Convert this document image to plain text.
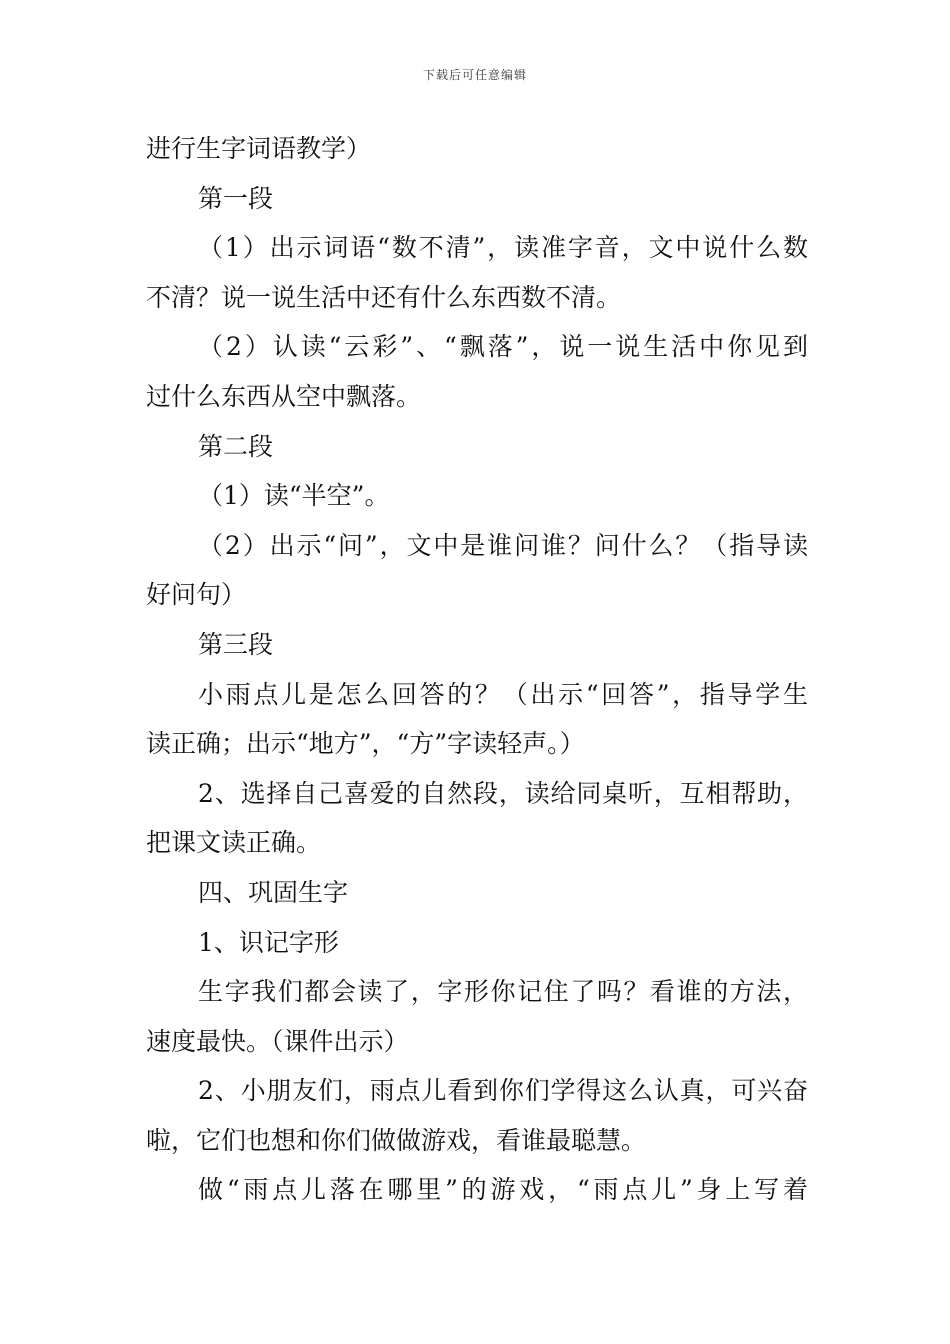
下载后可任意编辑
进行生字词语教学）
第一段
（1）出示词语“数不清”，读准字音，文中说什么数
不清？说一说生活中还有什么东西数不清。
（2）认读“云彩”、“飘落”，说一说生活中你见到
过什么东西从空中飘落。
第二段
（1）读“半空”。
（2）出示“问”，文中是谁问谁？问什么？（指导读
好问句）
第三段
小雨点儿是怎么回答的？（出示“回答”，指导学生
读正确；出示“地方”，“方”字读轻声。）
2、选择自己喜爱的自然段，读给同桌听，互相帮助，
把课文读正确。
四、巩固生字
1、识记字形
生字我们都会读了，字形你记住了吗？看谁的方法，
速度最快。（课件出示）
2、小朋友们，雨点儿看到你们学得这么认真，可兴奋
啦，它们也想和你们做做游戏，看谁最聪慧。
做“雨点儿落在哪里”的游戏，“雨点儿”身上写着
